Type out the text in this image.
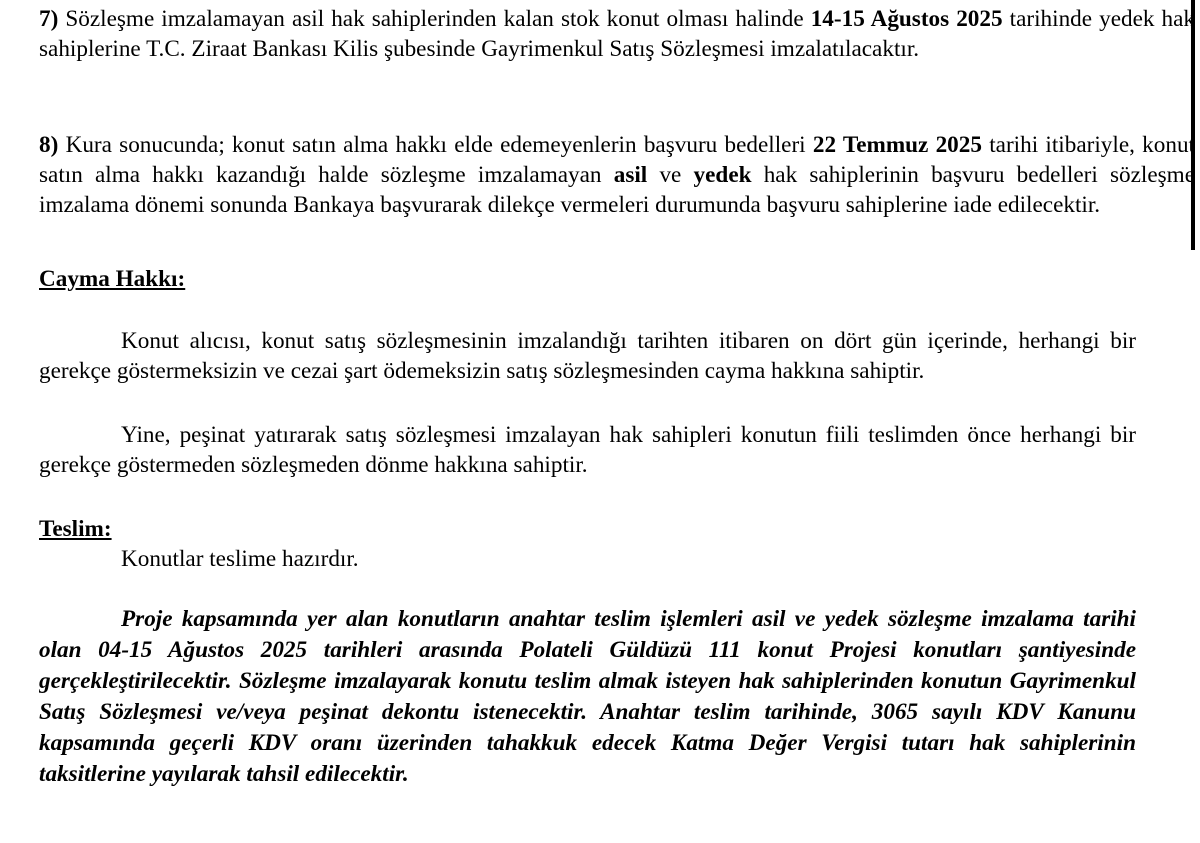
7) Sözleşme imzalamayan asil hak sahiplerinden kalan stok konut olması halinde 14-15 Ağustos 2025 tarihinde yedek hak sahiplerine T.C. Ziraat Bankası Kilis şubesinde Gayrimenkul Satış Sözleşmesi imzalatılacaktır.

8) Kura sonucunda; konut satın alma hakkı elde edemeyenlerin başvuru bedelleri 22 Temmuz 2025 tarihi itibariyle, konut satın alma hakkı kazandığı halde sözleşme imzalamayan asil ve yedek hak sahiplerinin başvuru bedelleri sözleşme imzalama dönemi sonunda Bankaya başvurarak dilekçe vermeleri durumunda başvuru sahiplerine iade edilecektir.

Cayma Hakkı:

Konut alıcısı, konut satış sözleşmesinin imzalandığı tarihten itibaren on dört gün içerinde, herhangi bir gerekçe göstermeksizin ve cezai şart ödemeksizin satış sözleşmesinden cayma hakkına sahiptir.

Yine, peşinat yatırarak satış sözleşmesi imzalayan hak sahipleri konutun fiili teslimden önce herhangi bir gerekçe göstermeden sözleşmeden dönme hakkına sahiptir.

Teslim:

Konutlar teslime hazırdır.

Proje kapsamında yer alan konutların anahtar teslim işlemleri asil ve yedek sözleşme imzalama tarihi olan 04-15 Ağustos 2025 tarihleri arasında Polateli Güldüzü 111 konut Projesi konutları şantiyesinde gerçekleştirilecektir. Sözleşme imzalayarak konutu teslim almak isteyen hak sahiplerinden konutun Gayrimenkul Satış Sözleşmesi ve/veya peşinat dekontu istenecektir. Anahtar teslim tarihinde, 3065 sayılı KDV Kanunu kapsamında geçerli KDV oranı üzerinden tahakkuk edecek Katma Değer Vergisi tutarı hak sahiplerinin taksitlerine yayılarak tahsil edilecektir.
